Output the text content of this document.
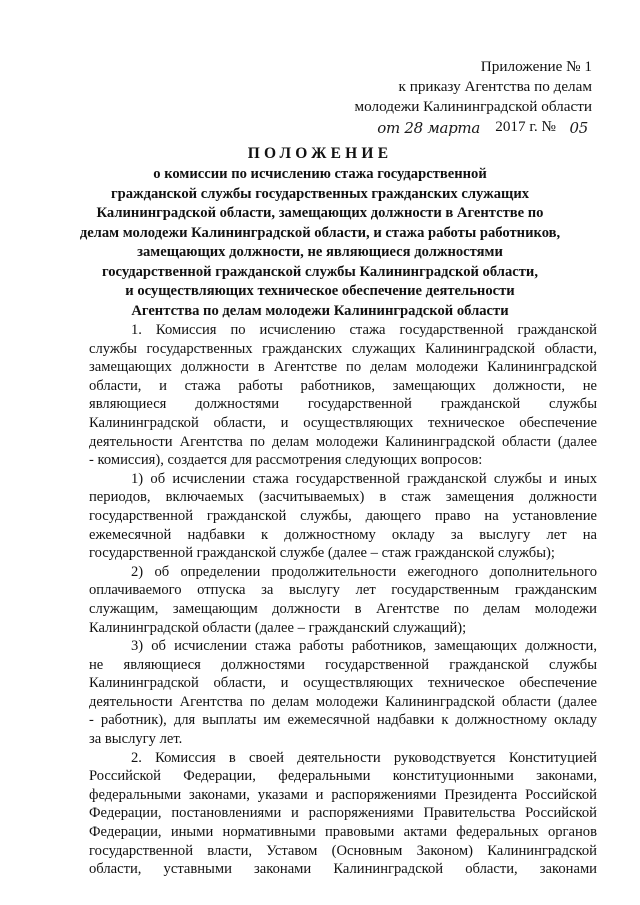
Приложение № 1
к приказу Агентства по делам
молодежи Калининградской области
от 28 марта 2017 г. № 05
ПОЛОЖЕНИЕ
о комиссии по исчислению стажа государственной
гражданской службы государственных гражданских служащих
Калининградской области, замещающих должности в Агентстве по
делам молодежи Калининградской области, и стажа работы работников,
замещающих должности, не являющиеся должностями
государственной гражданской службы Калининградской области,
и осуществляющих техническое обеспечение деятельности
Агентства по делам молодежи Калининградской области
1. Комиссия по исчислению стажа государственной гражданской
службы государственных гражданских служащих Калининградской области,
замещающих должности в Агентстве по делам молодежи Калининградской
области, и стажа работы работников, замещающих должности, не
являющиеся должностями государственной гражданской службы
Калининградской области, и осуществляющих техническое обеспечение
деятельности Агентства по делам молодежи Калининградской области (далее
- комиссия), создается для рассмотрения следующих вопросов:
1) об исчислении стажа государственной гражданской службы и иных
периодов, включаемых (засчитываемых) в стаж замещения должности
государственной гражданской службы, дающего право на установление
ежемесячной надбавки к должностному окладу за выслугу лет на
государственной гражданской службе (далее – стаж гражданской службы);
2) об определении продолжительности ежегодного дополнительного
оплачиваемого отпуска за выслугу лет государственным гражданским
служащим, замещающим должности в Агентстве по делам молодежи
Калининградской области (далее – гражданский служащий);
3) об исчислении стажа работы работников, замещающих должности,
не являющиеся должностями государственной гражданской службы
Калининградской области, и осуществляющих техническое обеспечение
деятельности Агентства по делам молодежи Калининградской области (далее
- работник), для выплаты им ежемесячной надбавки к должностному окладу
за выслугу лет.
2. Комиссия в своей деятельности руководствуется Конституцией
Российской Федерации, федеральными конституционными законами,
федеральными законами, указами и распоряжениями Президента Российской
Федерации, постановлениями и распоряжениями Правительства Российской
Федерации, иными нормативными правовыми актами федеральных органов
государственной власти, Уставом (Основным Законом) Калининградской
области, уставными законами Калининградской области, законами
